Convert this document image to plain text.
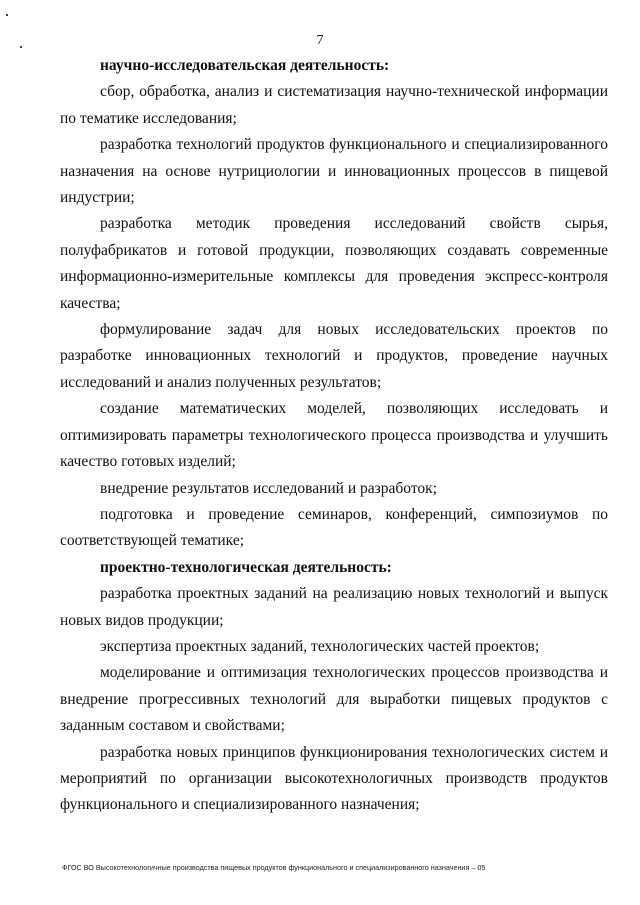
7

научно-исследовательская деятельность:

сбор, обработка, анализ и систематизация научно-технической информации по тематике исследования;

разработка технологий продуктов функционального и специализированного назначения на основе нутрициологии и инновационных процессов в пищевой индустрии;

разработка методик проведения исследований свойств сырья, полуфабрикатов и готовой продукции, позволяющих создавать современные информационно-измерительные комплексы для проведения экспресс-контроля качества;

формулирование задач для новых исследовательских проектов по разработке инновационных технологий и продуктов, проведение научных исследований и анализ полученных результатов;

создание математических моделей, позволяющих исследовать и оптимизировать параметры технологического процесса производства и улучшить качество готовых изделий;

внедрение результатов исследований и разработок;

подготовка и проведение семинаров, конференций, симпозиумов по соответствующей тематике;

проектно-технологическая деятельность:

разработка проектных заданий на реализацию новых технологий и выпуск новых видов продукции;

экспертиза проектных заданий, технологических частей проектов;

моделирование и оптимизация технологических процессов производства и внедрение прогрессивных технологий для выработки пищевых продуктов с заданным составом и свойствами;

разработка новых принципов функционирования технологических систем и мероприятий по организации высокотехнологичных производств продуктов функционального и специализированного назначения;

ФГОС ВО Высокотехнологичные производства пищевых продуктов функционального и специализированного назначения – 05
